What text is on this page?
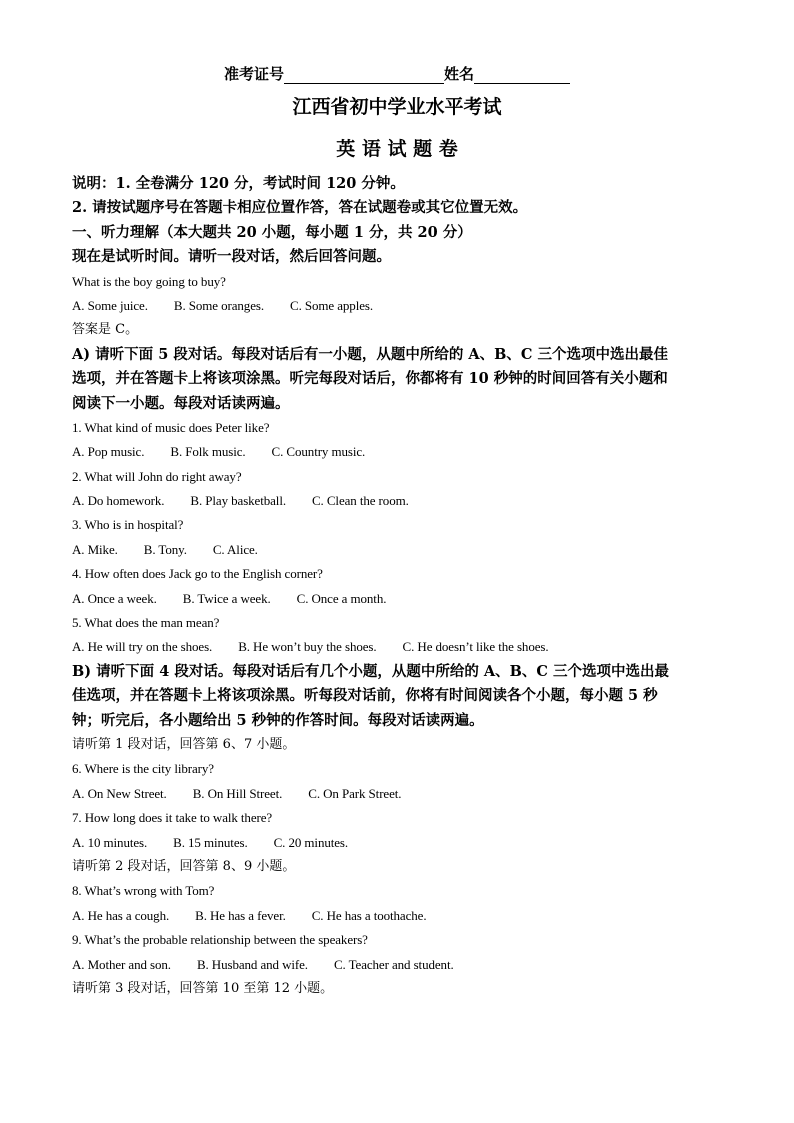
准考证号	姓名
江西省初中学业水平考试
英 语 试 题 卷
说明：1. 全卷满分 120 分，考试时间 120 分钟。
2. 请按试题序号在答题卡相应位置作答，答在试题卷或其它位置无效。
一、听力理解（本大题共 20 小题，每小题 1 分，共 20 分）
现在是试听时间。请听一段对话，然后回答问题。
What is the boy going to buy?
A. Some juice. B. Some oranges. C. Some apples.
答案是 C。
A) 请听下面 5 段对话。每段对话后有一小题，从题中所给的 A、B、C 三个选项中选出最佳
选项，并在答题卡上将该项涂黑。听完每段对话后，你都将有 10 秒钟的时间回答有关小题和
阅读下一小题。每段对话读两遍。
1. What kind of music does Peter like?
A. Pop music. B. Folk music. C. Country music.
2. What will John do right away?
A. Do homework. B. Play basketball. C. Clean the room.
3. Who is in hospital?
A. Mike. B. Tony. C. Alice.
4. How often does Jack go to the English corner?
A. Once a week. B. Twice a week. C. Once a month.
5. What does the man mean?
A. He will try on the shoes. B. He won’t buy the shoes. C. He doesn’t like the shoes.
B) 请听下面 4 段对话。每段对话后有几个小题，从题中所给的 A、B、C 三个选项中选出最
佳选项，并在答题卡上将该项涂黑。听每段对话前，你将有时间阅读各个小题，每小题 5 秒
钟；听完后，各小题给出 5 秒钟的作答时间。每段对话读两遍。
请听第 1 段对话，回答第 6、7 小题。
6. Where is the city library?
A. On New Street. B. On Hill Street. C. On Park Street.
7. How long does it take to walk there?
A. 10 minutes. B. 15 minutes. C. 20 minutes.
请听第 2 段对话，回答第 8、9 小题。
8. What’s wrong with Tom?
A. He has a cough. B. He has a fever. C. He has a toothache.
9. What’s the probable relationship between the speakers?
A. Mother and son. B. Husband and wife. C. Teacher and student.
请听第 3 段对话，回答第 10 至第 12 小题。
